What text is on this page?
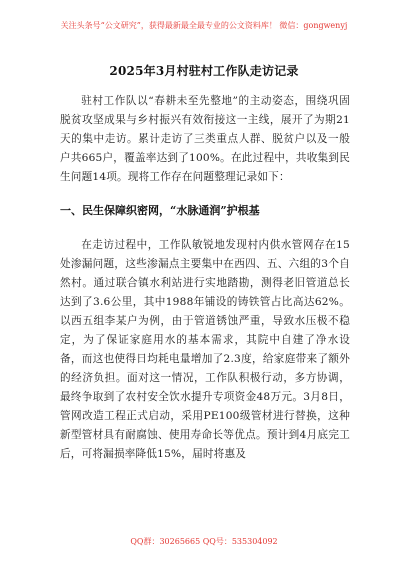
关注头条号“公文研究”，获得最新最全最专业的公文资料库！ 微信：gongwenyj
2025年3月村驻村工作队走访记录

驻村工作队以“春耕未至先整地”的主动姿态，围绕巩固脱贫攻坚成果与乡村振兴有效衔接这一主线，展开了为期21天的集中走访。累计走访了三类重点人群、脱贫户以及一般户共665户，覆盖率达到了100%。在此过程中，共收集到民生问题14项。现将工作存在问题整理记录如下：

一、民生保障织密网，“水脉通润”护根基

在走访过程中，工作队敏锐地发现村内供水管网存在15处渗漏问题，这些渗漏点主要集中在西四、五、六组的3个自然村。通过联合镇水利站进行实地踏勘，测得老旧管道总长达到了3.6公里，其中1988年铺设的铸铁管占比高达62%。以西五组李某户为例，由于管道锈蚀严重，导致水压极不稳定，为了保证家庭用水的基本需求，其院中自建了净水设备，而这也使得日均耗电量增加了2.3度，给家庭带来了额外的经济负担。面对这一情况，工作队积极行动，多方协调，最终争取到了农村安全饮水提升专项资金48万元。3月8日，管网改造工程正式启动，采用PE100级管材进行替换，这种新型管材具有耐腐蚀、使用寿命长等优点。预计到4月底完工后，可将漏损率降低15%，届时将惠及

QQ群：30265665 QQ号：535304092
